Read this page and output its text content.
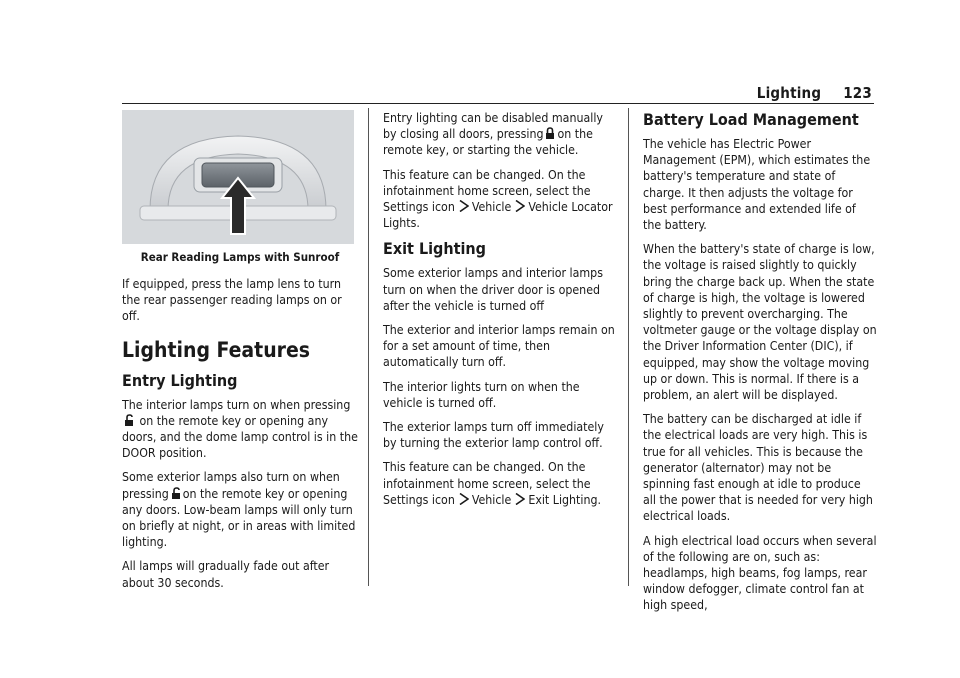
Lighting 123
Rear Reading Lamps with Sunroof

If equipped, press the lamp lens to turn the rear passenger reading lamps on or off.

Lighting Features
Entry Lighting

The interior lamps turn on when pressing on the remote key or opening any doors, and the dome lamp control is in the DOOR position.

Some exterior lamps also turn on when pressing on the remote key or opening any doors. Low-beam lamps will only turn on briefly at night, or in areas with limited lighting.

All lamps will gradually fade out after about 30 seconds.

Entry lighting can be disabled manually by closing all doors, pressing on the remote key, or starting the vehicle.

This feature can be changed. On the infotainment home screen, select the Settings icon Vehicle Vehicle Locator Lights.

Exit Lighting

Some exterior lamps and interior lamps turn on when the driver door is opened after the vehicle is turned off

The exterior and interior lamps remain on for a set amount of time, then automatically turn off.

The interior lights turn on when the vehicle is turned off.

The exterior lamps turn off immediately by turning the exterior lamp control off.

This feature can be changed. On the infotainment home screen, select the Settings icon Vehicle Exit Lighting.

Battery Load Management

The vehicle has Electric Power Management (EPM), which estimates the battery's temperature and state of charge. It then adjusts the voltage for best performance and extended life of the battery.

When the battery's state of charge is low, the voltage is raised slightly to quickly bring the charge back up. When the state of charge is high, the voltage is lowered slightly to prevent overcharging. The voltmeter gauge or the voltage display on the Driver Information Center (DIC), if equipped, may show the voltage moving up or down. This is normal. If there is a problem, an alert will be displayed.

The battery can be discharged at idle if the electrical loads are very high. This is true for all vehicles. This is because the generator (alternator) may not be spinning fast enough at idle to produce all the power that is needed for very high electrical loads.

A high electrical load occurs when several of the following are on, such as: headlamps, high beams, fog lamps, rear window defogger, climate control fan at high speed,
